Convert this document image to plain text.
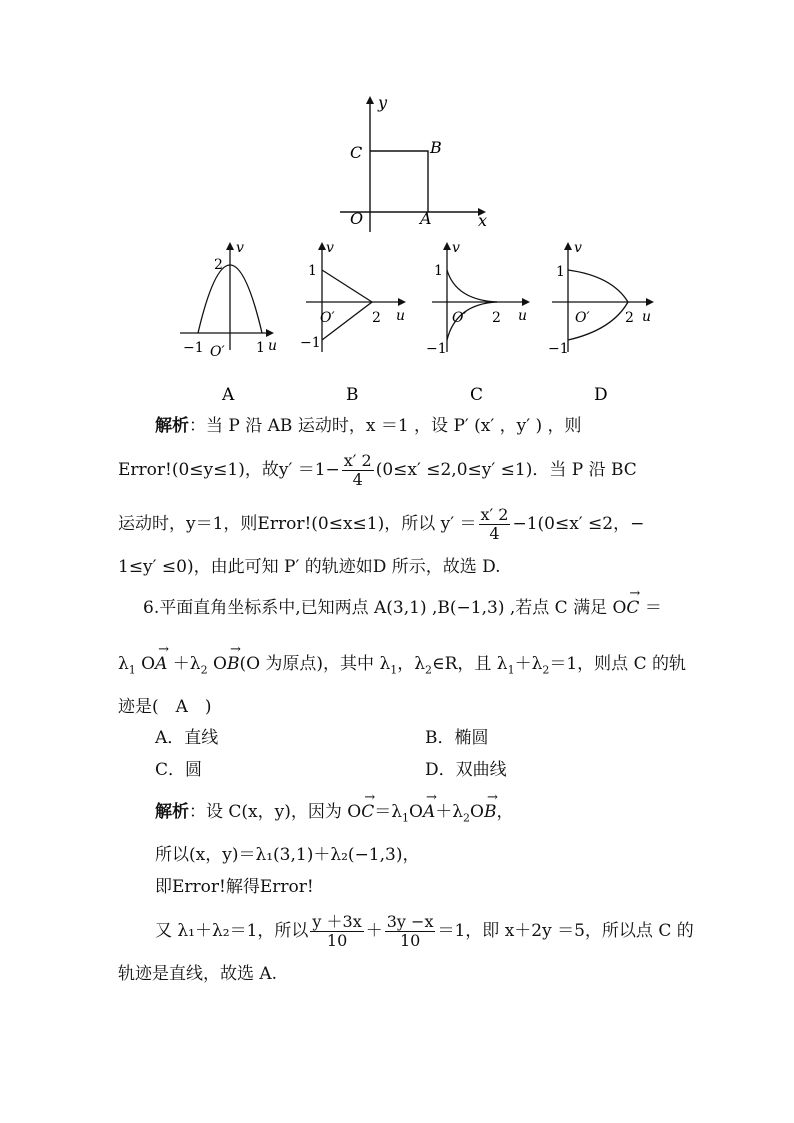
y
x
C	B
O	A
v
2
−1 O′ 1 u
A
v
1
−1
O′	2 u
B
v
1
−1
O′ 2 u
C
v
1
−1
O′	2 u
D
解析：当 P 沿 AB 运动时，x ＝1 ，设 P′ (x′ ，y′ ) ，则
Error!(0≤y≤1)，故$y' =1- \frac{x' 2}{4} (0\le x' \le 2,0\le y' \le 1)$．当 P 沿 BC
运动时，y＝1，则Error!(0≤x≤1)，所以 $y' = \frac{x' 2}{4} -1(0\le x' \le 2$，−
1≤y′ ≤0)，由此可知 P′ 的轨迹如D 所示，故选 D.
6.平面直角坐标系中,已知两点 A(3,1) ,B(−1,3) ,若点 C 满足 O→ C ＝
$\lambda_1$ $O\to A +\lambda_2$ O→ B(O 为原点)，其中 $\lambda_1$，$\lambda_2\in R$，且 $\lambda_1+\lambda_2=1$，则点 C 的轨
迹是(　A　)
A．直线	B．椭圆
C．圆	D．双曲线
解析：设 C(x，y)，因为 $O\to C=\lambda_1O\to A+\lambda_2O\to B$，
所以(x，y)＝λ₁(3,1)＋λ₂(−1,3)，
即Error!解得Error!
又 λ₁＋λ₂＝1，所以 $\frac{y +3x}{10} + \frac{3y -x}{10} =1$，即 x＋2y ＝5，所以点 C 的
轨迹是直线，故选 A.
